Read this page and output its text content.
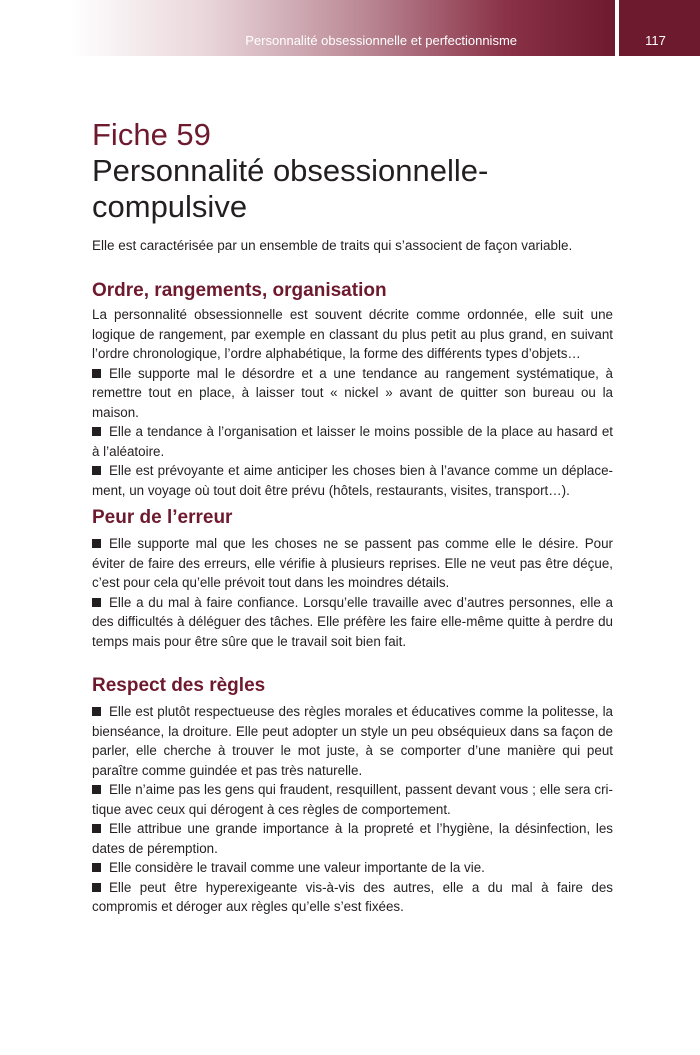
Personnalité obsessionnelle et perfectionnisme	117
Fiche 59
Personnalité obsessionnelle-compulsive
Elle est caractérisée par un ensemble de traits qui s’associent de façon variable.
Ordre, rangements, organisation

La personnalité obsessionnelle est souvent décrite comme ordonnée, elle suit une logique de rangement, par exemple en classant du plus petit au plus grand, en suivant l’ordre chronologique, l’ordre alphabétique, la forme des différents types d’objets…

Elle supporte mal le désordre et a une tendance au rangement systématique, à remettre tout en place, à laisser tout « nickel » avant de quitter son bureau ou la maison.

Elle a tendance à l’organisation et laisser le moins possible de la place au hasard et à l’aléatoire.

Elle est prévoyante et aime anticiper les choses bien à l’avance comme un déplacement, un voyage où tout doit être prévu (hôtels, restaurants, visites, transport…).

Peur de l’erreur

Elle supporte mal que les choses ne se passent pas comme elle le désire. Pour éviter de faire des erreurs, elle vérifie à plusieurs reprises. Elle ne veut pas être déçue, c’est pour cela qu’elle prévoit tout dans les moindres détails.

Elle a du mal à faire confiance. Lorsqu’elle travaille avec d’autres personnes, elle a des difficultés à déléguer des tâches. Elle préfère les faire elle-même quitte à perdre du temps mais pour être sûre que le travail soit bien fait.

Respect des règles

Elle est plutôt respectueuse des règles morales et éducatives comme la politesse, la bienséance, la droiture. Elle peut adopter un style un peu obséquieux dans sa façon de parler, elle cherche à trouver le mot juste, à se comporter d’une manière qui peut paraître comme guindée et pas très naturelle.

Elle n’aime pas les gens qui fraudent, resquillent, passent devant vous ; elle sera critique avec ceux qui dérogent à ces règles de comportement.

Elle attribue une grande importance à la propreté et l’hygiène, la désinfection, les dates de péremption.

Elle considère le travail comme une valeur importante de la vie.

Elle peut être hyperexigeante vis-à-vis des autres, elle a du mal à faire des compromis et déroger aux règles qu’elle s’est fixées.
